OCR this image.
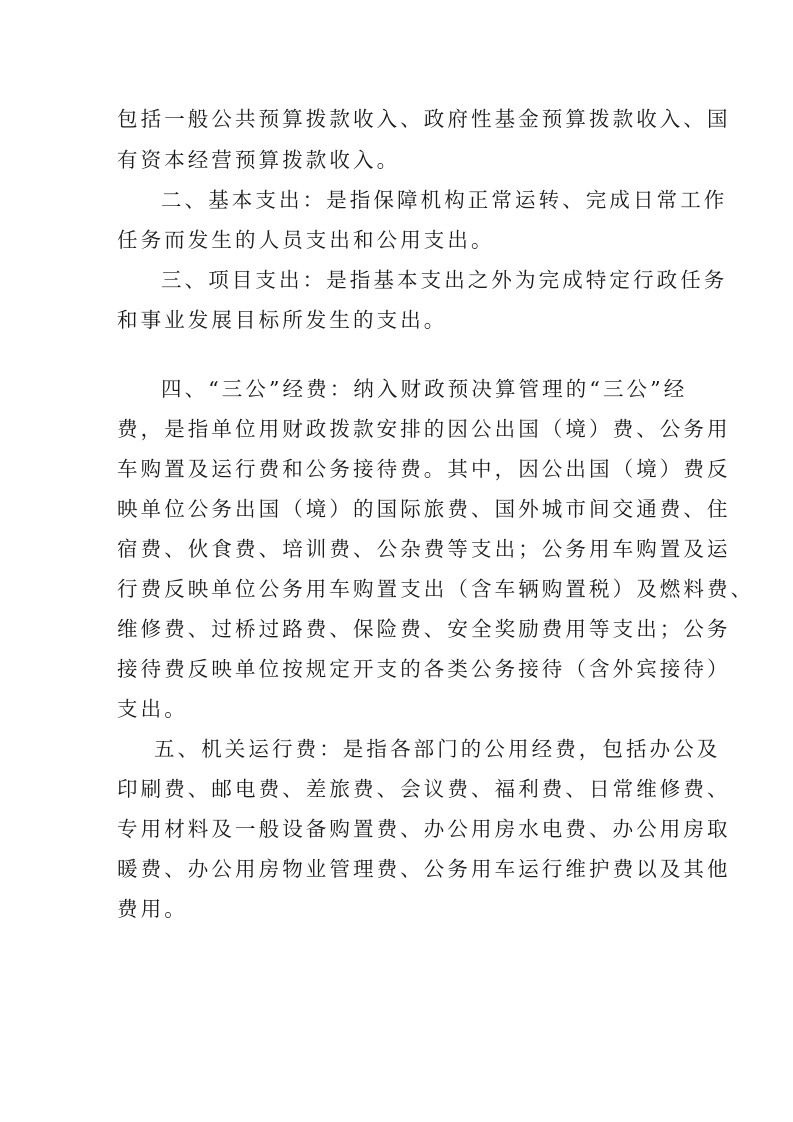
包括一般公共预算拨款收入、政府性基金预算拨款收入、国
有资本经营预算拨款收入。
二、基本支出：是指保障机构正常运转、完成日常工作
任务而发生的人员支出和公用支出。
三、项目支出：是指基本支出之外为完成特定行政任务
和事业发展目标所发生的支出。
四、“三公”经费：纳入财政预决算管理的“三公”经
费，是指单位用财政拨款安排的因公出国（境）费、公务用
车购置及运行费和公务接待费。其中，因公出国（境）费反
映单位公务出国（境）的国际旅费、国外城市间交通费、住
宿费、伙食费、培训费、公杂费等支出；公务用车购置及运
行费反映单位公务用车购置支出（含车辆购置税）及燃料费、
维修费、过桥过路费、保险费、安全奖励费用等支出；公务
接待费反映单位按规定开支的各类公务接待（含外宾接待）
支出。
五、机关运行费：是指各部门的公用经费，包括办公及
印刷费、邮电费、差旅费、会议费、福利费、日常维修费、
专用材料及一般设备购置费、办公用房水电费、办公用房取
暖费、办公用房物业管理费、公务用车运行维护费以及其他
费用。
